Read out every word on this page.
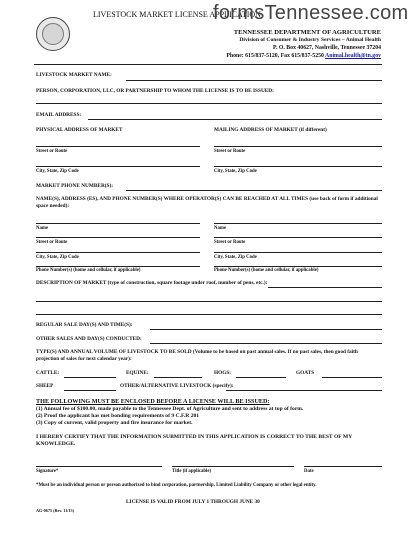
LIVESTOCK MARKET LICENSE APPLICATION
formsTennessee.com
TENNESSEE DEPARTMENT OF AGRICULTURE
Division of Consumer & Industry Services – Animal Health
P. O. Box 40627, Nashville, Tennessee 37204
Phone: 615/837-5120, Fax 615/837-5250 Animal.health@tn.gov
LIVESTOCK MARKET NAME:
PERSON, CORPORATION, LLC, OR PARTNERSHIP TO WHOM THE LICENSE IS TO BE ISSUED:
EMAIL ADDRESS:
PHYSICAL ADDRESS OF MARKET	MAILING ADDRESS OF MARKET (if different)
Street or Route	Street or Route
City, State, Zip Code	City, State, Zip Code
MARKET PHONE NUMBER(S):
NAME(S), ADDRESS (ES), AND PHONE NUMBER(S) WHERE OPERATOR(S) CAN BE REACHED AT ALL TIMES (use back of form if additional space needed):
Name	Name
Street or Route	Street or Route
City, State, Zip Code	City, State, Zip Code
Phone Number(s) (home and cellular, if applicable)	Phone Number(s) (home and cellular, if applicable)
DESCRIPTION OF MARKET (type of construction, square footage under roof, number of pens, etc.):
REGULAR SALE DAY(S) AND TIME(S):
OTHER SALES AND DAY(S) CONDUCTED:
TYPE(S) AND ANNUAL VOLUME OF LIVESTOCK TO BE SOLD (Volume to be based on past annual sales. If no past sales, then good faith projection of sales for next calendar year):
CATTLE:	EQUINE:	HOGS:	GOATS
SHEEP	OTHER/ALTERNATIVE LIVESTOCK (specify):
THE FOLLOWING MUST BE ENCLOSED BEFORE A LICENSE WILL BE ISSUED:
(1) Annual fee of $100.00, made payable to the Tennessee Dept. of Agriculture and sent to address at top of form.
(2) Proof the applicant has met bonding requirements of 9 C.F.R 201
(3) Copy of current, valid property and fire insurance for market.
I HEREBY CERTIFY THAT THE INFORMATION SUBMITTED IN THIS APPLICATION IS CORRECT TO THE BEST OF MY KNOWLEDGE.
Signature*	Title (if applicable)	Date
*Must be an individual person or person authorized to bind corporation, partnership, Limited Liability Company or other legal entity.
LICENSE IS VALID FROM JULY 1 THROUGH JUNE 30
AG-0675 (Rev. 11/13)
